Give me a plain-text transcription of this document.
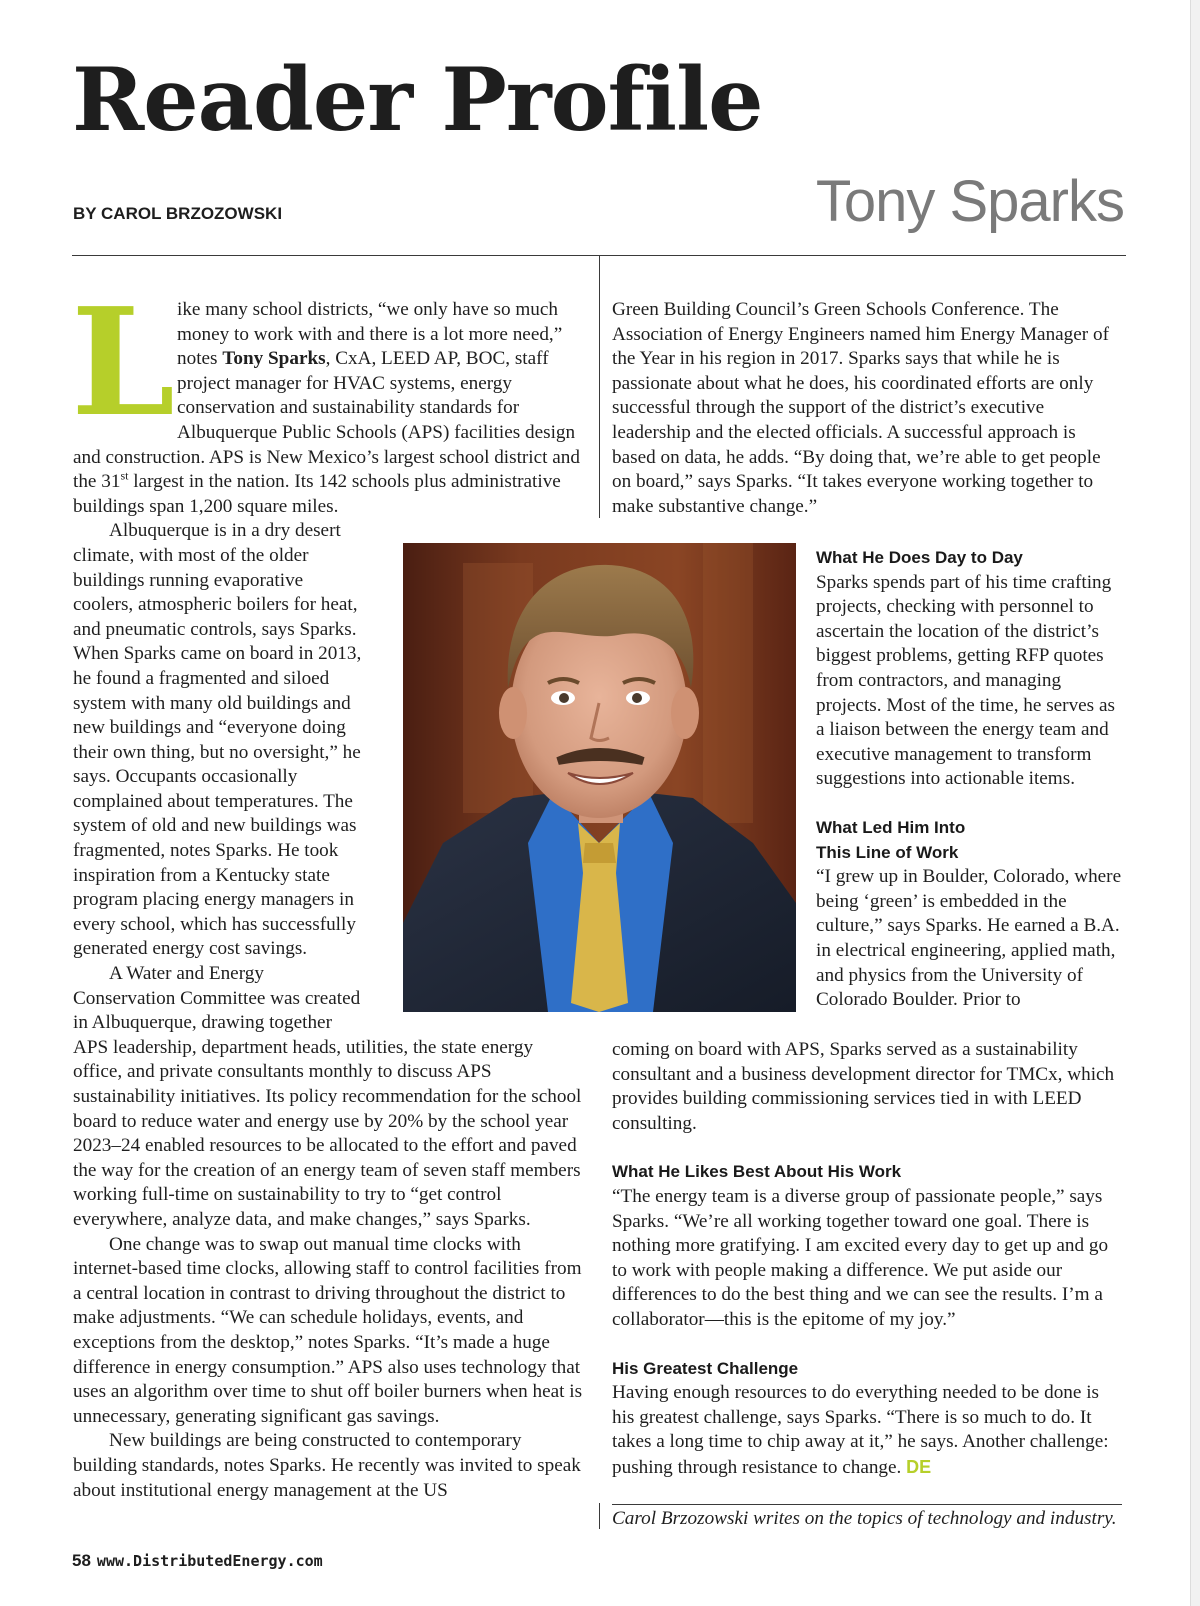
Reader Profile
BY CAROL BRZOZOWSKI	Tony Sparks
L ike many school districts, “we only have so much money to work with and there is a lot more need,” notes Tony Sparks, CxA, LEED AP, BOC, staff project manager for HVAC systems, energy conservation and sustainability standards for Albuquerque Public Schools (APS) facilities design and construction. APS is New Mexico’s largest school district and the 31st largest in the nation. Its 142 schools plus administrative buildings span 1,200 square miles.

Albuquerque is in a dry desert climate, with most of the older buildings running evaporative coolers, atmospheric boilers for heat, and pneumatic controls, says Sparks. When Sparks came on board in 2013, he found a fragmented and siloed system with many old buildings and new buildings and “everyone doing their own thing, but no oversight,” he says. Occupants occasionally complained about temperatures. The system of old and new buildings was fragmented, notes Sparks. He took inspiration from a Kentucky state program placing energy managers in every school, which has successfully generated energy cost savings.

A Water and Energy Conservation Committee was created in Albuquerque, drawing together APS leadership, department heads, utilities, the state energy office, and private consultants monthly to discuss APS sustainability initiatives. Its policy recommendation for the school board to reduce water and energy use by 20% by the school year 2023–24 enabled resources to be allocated to the effort and paved the way for the creation of an energy team of seven staff members working full-time on sustainability to try to “get control everywhere, analyze data, and make changes,” says Sparks.

One change was to swap out manual time clocks with internet-based time clocks, allowing staff to control facilities from a central location in contrast to driving throughout the district to make adjustments. “We can schedule holidays, events, and exceptions from the desktop,” notes Sparks. “It’s made a huge difference in energy consumption.” APS also uses technology that uses an algorithm over time to shut off boiler burners when heat is unnecessary, generating significant gas savings.

New buildings are being constructed to contemporary building standards, notes Sparks. He recently was invited to speak about institutional energy management at the US

Green Building Council’s Green Schools Conference. The Association of Energy Engineers named him Energy Manager of the Year in his region in 2017. Sparks says that while he is passionate about what he does, his coordinated efforts are only successful through the support of the district’s executive leadership and the elected officials. A successful approach is based on data, he adds. “By doing that, we’re able to get people on board,” says Sparks. “It takes everyone working together to make substantive change.”

What He Does Day to Day

Sparks spends part of his time crafting projects, checking with personnel to ascertain the location of the district’s biggest problems, getting RFP quotes from contractors, and managing projects. Most of the time, he serves as a liaison between the energy team and executive management to transform suggestions into actionable items.

What Led Him Into
This Line of Work

“I grew up in Boulder, Colorado, where being ‘green’ is embedded in the culture,” says Sparks. He earned a B.A. in electrical engineering, applied math, and physics from the University of Colorado Boulder. Prior to

coming on board with APS, Sparks served as a sustainability consultant and a business development director for TMCx, which provides building commissioning services tied in with LEED consulting.

What He Likes Best About His Work

“The energy team is a diverse group of passionate people,” says Sparks. “We’re all working together toward one goal. There is nothing more gratifying. I am excited every day to get up and go to work with people making a difference. We put aside our differences to do the best thing and we can see the results. I’m a collaborator—this is the epitome of my joy.”

His Greatest Challenge

Having enough resources to do everything needed to be done is his greatest challenge, says Sparks. “There is so much to do. It takes a long time to chip away at it,” he says. Another challenge: pushing through resistance to change. DE

Carol Brzozowski writes on the topics of technology and industry.
58 www.DistributedEnergy.com
